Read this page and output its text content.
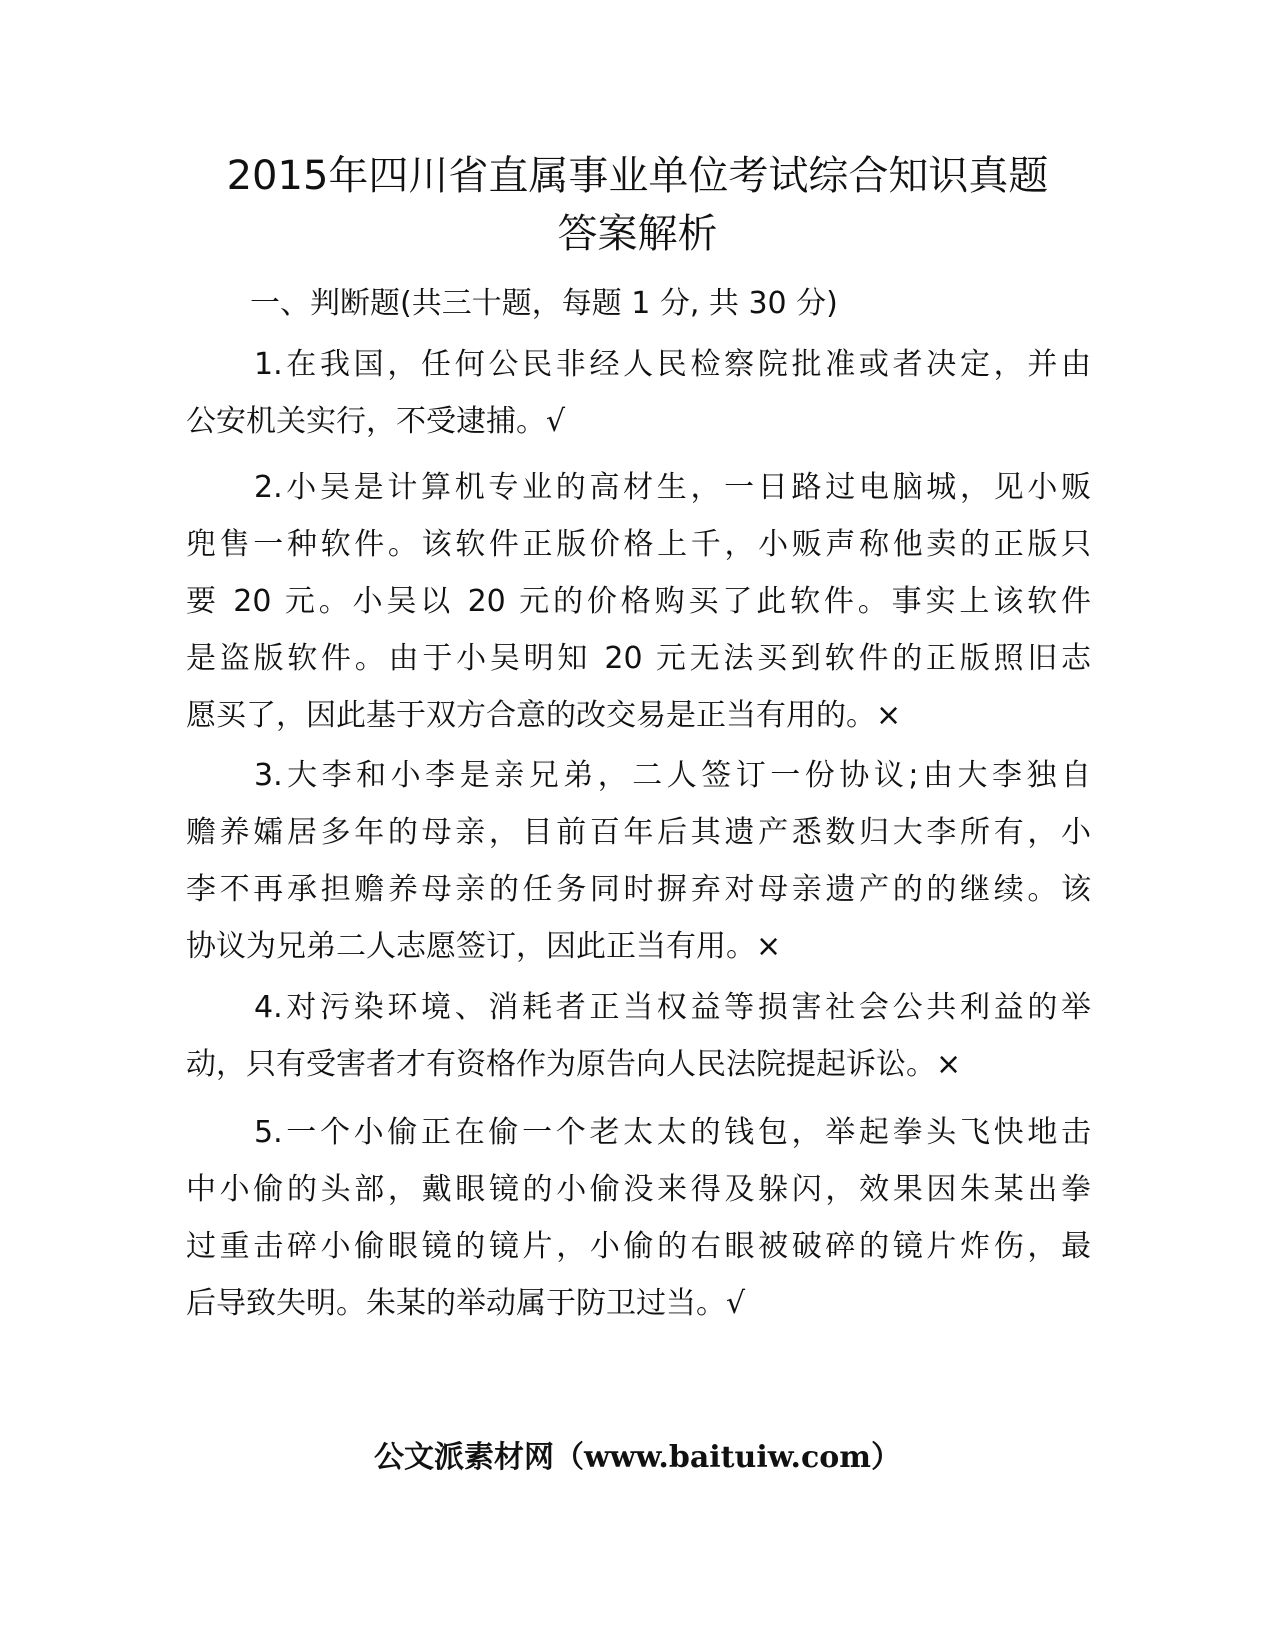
2015年四川省直属事业单位考试综合知识真题
答案解析

一、判断题(共三十题，每题 1 分, 共 30 分)

1.在我国，任何公民非经人民检察院批准或者决定，并由
公安机关实行，不受逮捕。√
2.小吴是计算机专业的高材生，一日路过电脑城，见小贩
兜售一种软件。该软件正版价格上千，小贩声称他卖的正版只
要 20 元。小吴以 20 元的价格购买了此软件。事实上该软件
是盗版软件。由于小吴明知 20 元无法买到软件的正版照旧志
愿买了，因此基于双方合意的改交易是正当有用的。×
3.大李和小李是亲兄弟，二人签订一份协议;由大李独自
赡养孀居多年的母亲，目前百年后其遗产悉数归大李所有，小
李不再承担赡养母亲的任务同时摒弃对母亲遗产的的继续。该
协议为兄弟二人志愿签订，因此正当有用。×
4.对污染环境、消耗者正当权益等损害社会公共利益的举
动，只有受害者才有资格作为原告向人民法院提起诉讼。×
5.一个小偷正在偷一个老太太的钱包，举起拳头飞快地击
中小偷的头部，戴眼镜的小偷没来得及躲闪，效果因朱某出拳
过重击碎小偷眼镜的镜片，小偷的右眼被破碎的镜片炸伤，最
后导致失明。朱某的举动属于防卫过当。√

公文派素材网（www.baituiw.com）
